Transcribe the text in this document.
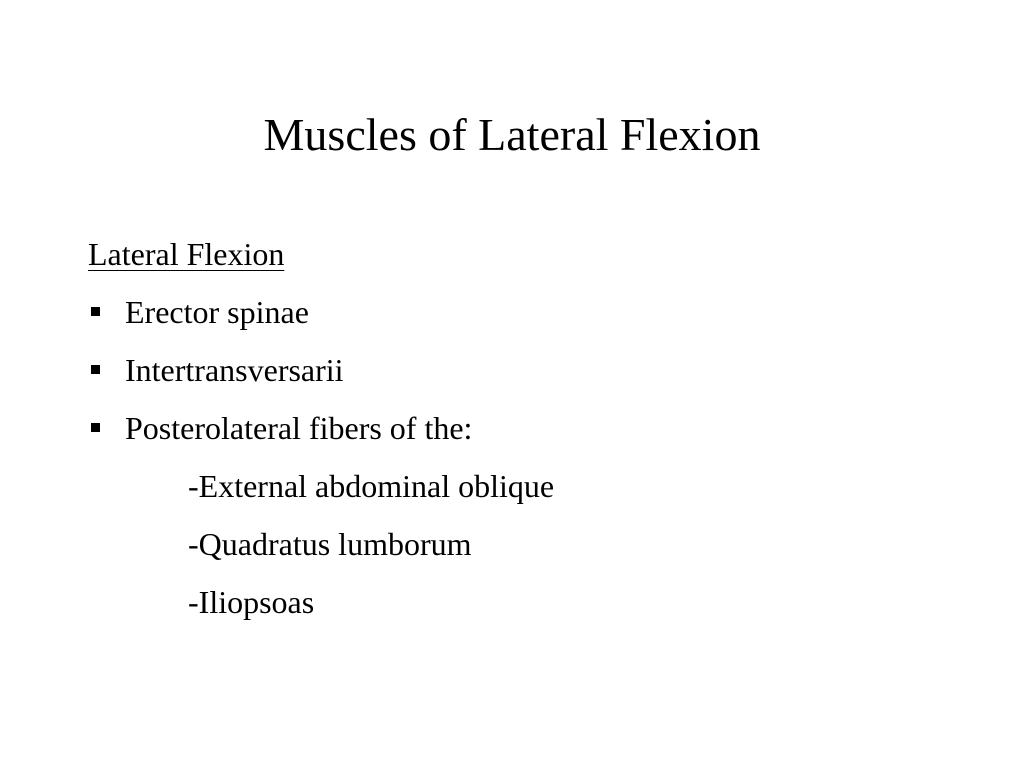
Muscles of Lateral Flexion
Lateral Flexion
Erector spinae
Intertransversarii
Posterolateral fibers of the:
-External abdominal oblique
-Quadratus lumborum
-Iliopsoas
